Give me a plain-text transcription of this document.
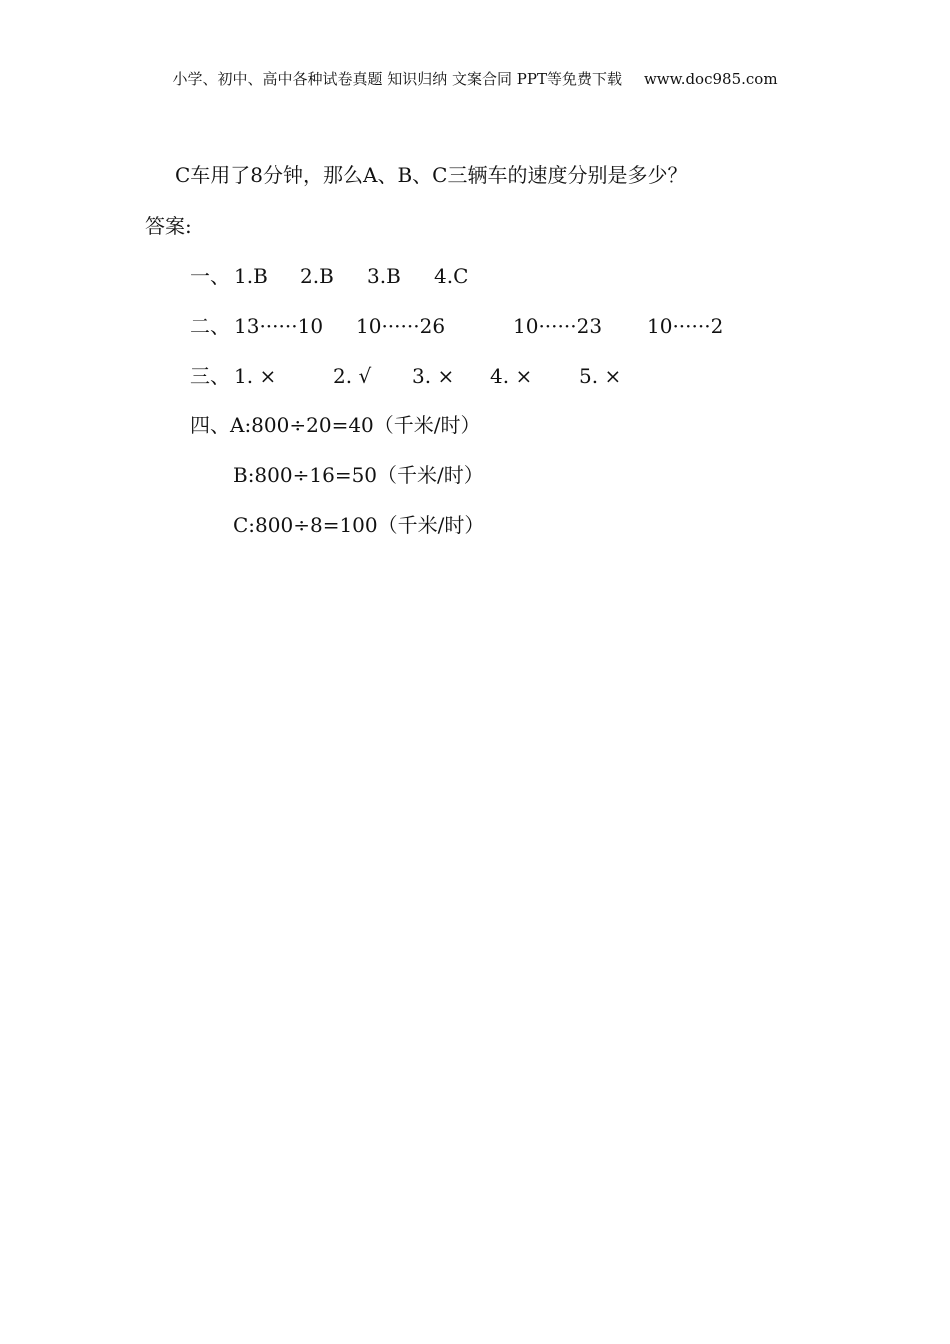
小学、初中、高中各种试卷真题 知识归纳 文案合同 PPT等免费下载 www.doc985.com
C车用了8分钟，那么A、B、C三辆车的速度分别是多少？
答案:
一、 1.B 2.B 3.B 4.C
二、 13······10 10······26	10······23 10······2
三、 1. ×	2. √ 3. × 4. × 5. ×
四、A:800÷20=40（千米/时）
B:800÷16=50（千米/时）
C:800÷8=100（千米/时）
